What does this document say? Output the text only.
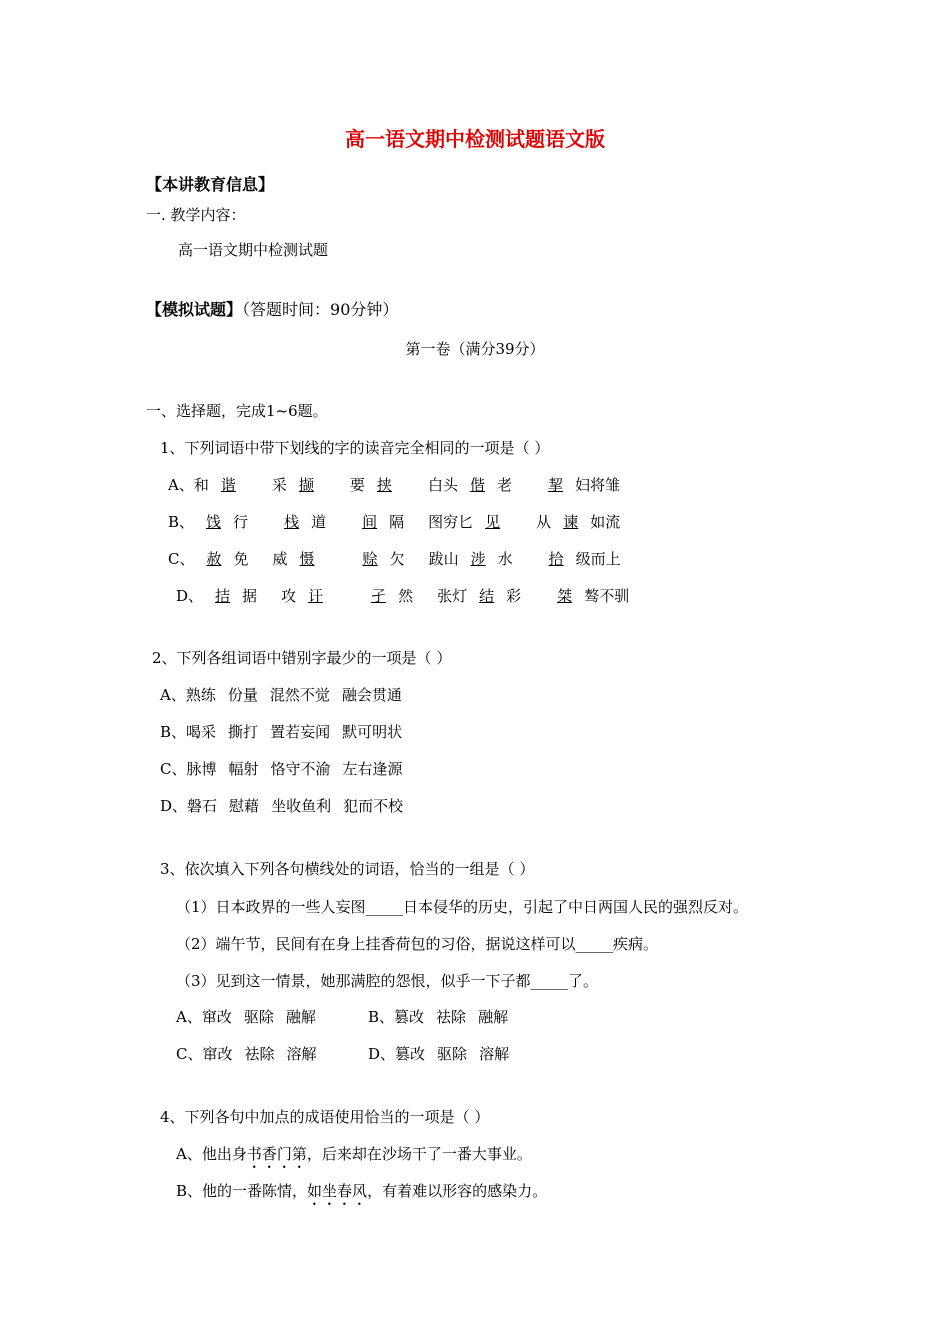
高一语文期中检测试题语文版
【本讲教育信息】
一. 教学内容：
高一语文期中检测试题
【模拟试题】（答题时间：90分钟）
第一卷（满分39分）
一、选择题，完成1~6题。
1、下列词语中带下划线的字的读音完全相同的一项是（ ）
A、和 谐 采 撷 要 挟 白头 偕 老 挈 妇将雏
B、 饯 行 栈 道 间 隔 图穷匕 见 从 谏 如流
C、 赦 免 威 慑	赊 欠 跋山 涉 水 拾 级而上
D、 拮 据 攻 讦	孑 然 张灯 结 彩 桀 骜不驯
2、下列各组词语中错别字最少的一项是（ ）
A、熟练 份量 混然不觉 融会贯通
B、喝采 撕打 置若妄闻 默可明状
C、脉博 幅射 恪守不渝 左右逢源
D、磐石 慰藉 坐收鱼利 犯而不校
3、依次填入下列各句横线处的词语，恰当的一组是（ ）
（1）日本政界的一些人妄图_____日本侵华的历史，引起了中日两国人民的强烈反对。
（2）端午节，民间有在身上挂香荷包的习俗，据说这样可以_____疾病。
（3）见到这一情景，她那满腔的怨恨，似乎一下子都_____了。
A、窜改 驱除 融解	B、篡改 祛除 融解
C、窜改 祛除 溶解	D、篡改 驱除 溶解
4、下列各句中加点的成语使用恰当的一项是（ ）
A、他出身书香门第，后来却在沙场干了一番大事业。
B、他的一番陈情，如坐春风，有着难以形容的感染力。
